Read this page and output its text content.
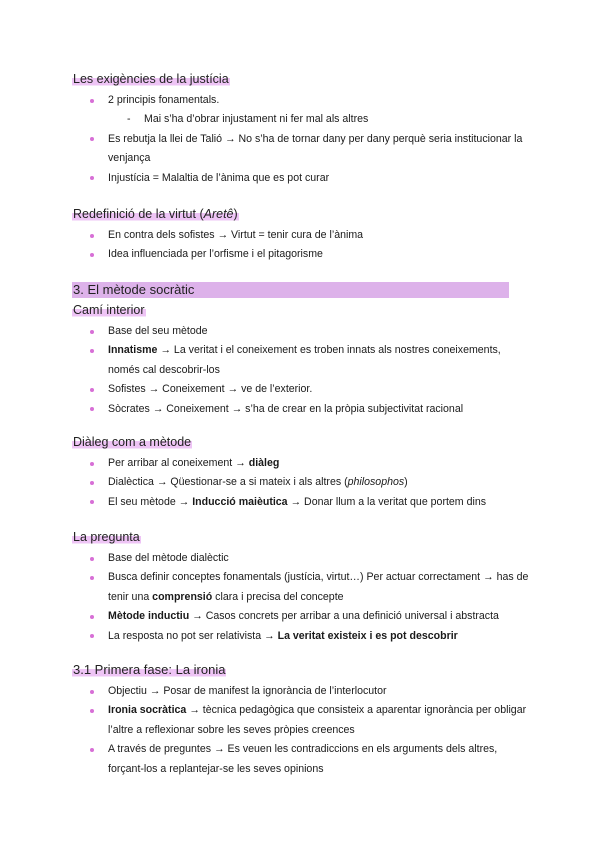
Les exigències de la justícia
2 principis fonamentals.
- Mai s’ha d’obrar injustament ni fer mal als altres
Es rebutja la llei de Talió → No s’ha de tornar dany per dany perquè seria institucionar la venjança
Injustícia = Malaltia de l’ànima que es pot curar
Redefinició de la virtut (Aretê)
En contra dels sofistes → Virtut = tenir cura de l’ànima
Idea influenciada per l’orfisme i el pitagorisme
3. El mètode socràtic
Camí interior
Base del seu mètode
Innatisme → La veritat i el coneixement es troben innats als nostres coneixements, només cal descobrir-los
Sofistes → Coneixement → ve de l’exterior.
Sòcrates → Coneixement → s’ha de crear en la pròpia subjectivitat racional
Diàleg com a mètode
Per arribar al coneixement → diàleg
Dialèctica → Qüestionar-se a si mateix i als altres (philosophos)
El seu mètode → Inducció maièutica → Donar llum a la veritat que portem dins
La pregunta
Base del mètode dialèctic
Busca definir conceptes fonamentals (justícia, virtut…) Per actuar correctament → has de tenir una comprensió clara i precisa del concepte
Mètode inductiu → Casos concrets per arribar a una definició universal i abstracta
La resposta no pot ser relativista → La veritat existeix i es pot descobrir
3.1 Primera fase: La ironia
Objectiu → Posar de manifest la ignorància de l’interlocutor
Ironia socràtica → tècnica pedagògica que consisteix a aparentar ignorància per obligar l’altre a reflexionar sobre les seves pròpies creences
A través de preguntes → Es veuen les contradiccions en els arguments dels altres, forçant-los a replantejar-se les seves opinions
